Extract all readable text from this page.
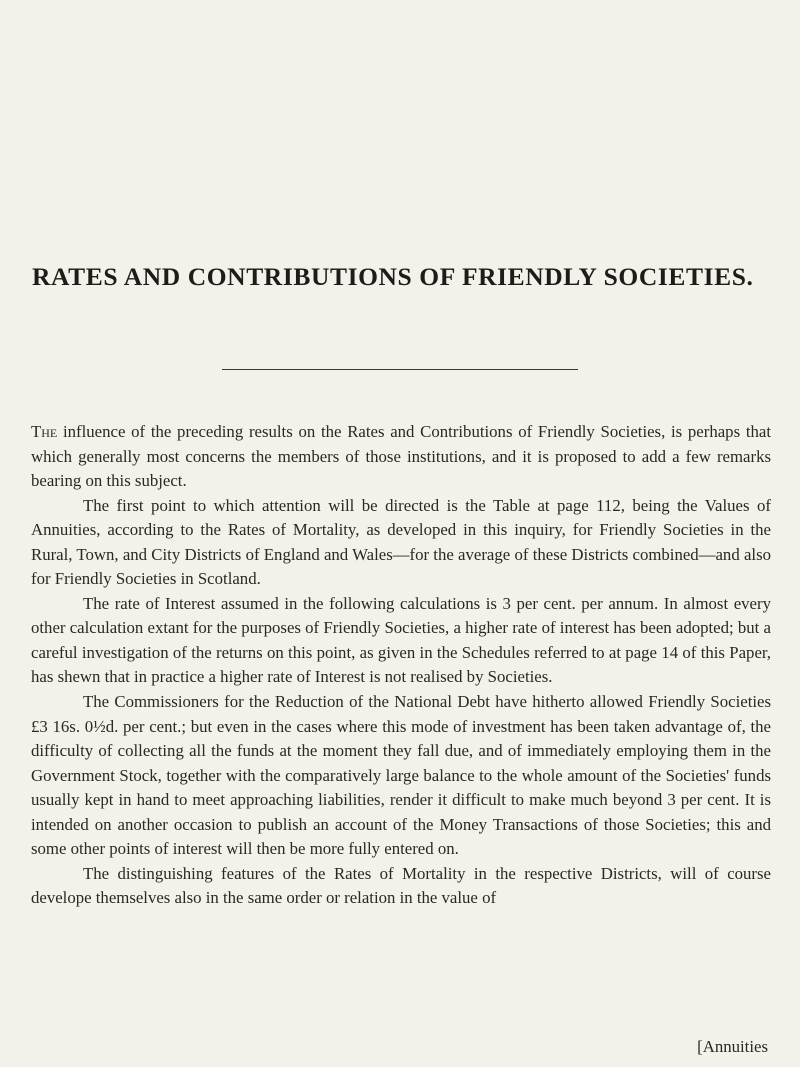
RATES AND CONTRIBUTIONS OF FRIENDLY SOCIETIES.

The influence of the preceding results on the Rates and Contributions of Friendly Societies, is perhaps that which generally most concerns the members of those institutions, and it is proposed to add a few remarks bearing on this subject.

The first point to which attention will be directed is the Table at page 112, being the Values of Annuities, according to the Rates of Mortality, as developed in this inquiry, for Friendly Societies in the Rural, Town, and City Districts of England and Wales—for the average of these Districts combined—and also for Friendly Societies in Scotland.

The rate of Interest assumed in the following calculations is 3 per cent. per annum. In almost every other calculation extant for the purposes of Friendly Societies, a higher rate of interest has been adopted; but a careful investigation of the returns on this point, as given in the Schedules referred to at page 14 of this Paper, has shewn that in practice a higher rate of Interest is not realised by Societies.

The Commissioners for the Reduction of the National Debt have hitherto allowed Friendly Societies £3 16s. 0½d. per cent.; but even in the cases where this mode of investment has been taken advantage of, the difficulty of collecting all the funds at the moment they fall due, and of immediately employing them in the Government Stock, together with the comparatively large balance to the whole amount of the Societies' funds usually kept in hand to meet approaching liabilities, render it difficult to make much beyond 3 per cent. It is intended on another occasion to publish an account of the Money Transactions of those Societies; this and some other points of interest will then be more fully entered on.

The distinguishing features of the Rates of Mortality in the respective Districts, will of course develope themselves also in the same order or relation in the value of

[Annuities
